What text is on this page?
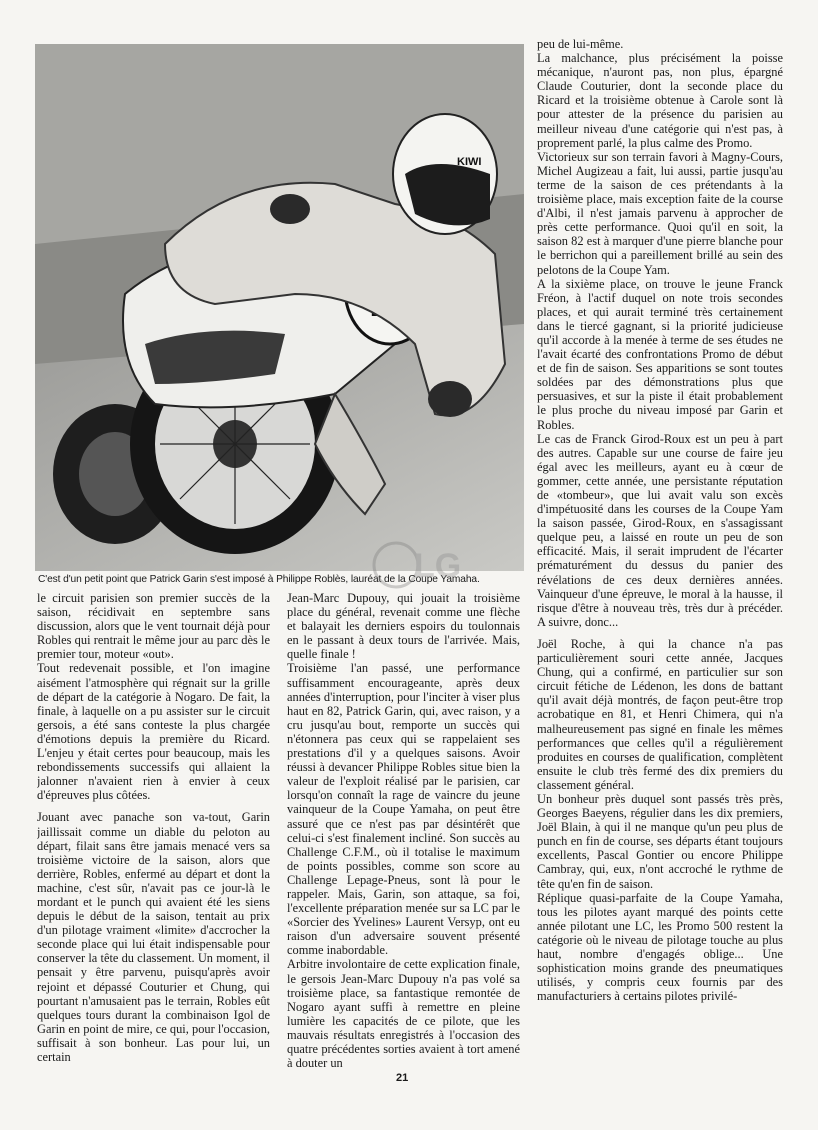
KIWI
C'est d'un petit point que Patrick Garin s'est imposé à Philippe Roblès, lauréat de la Coupe Yamaha.
LG

le circuit parisien son premier succès de la saison, récidivait en septembre sans discussion, alors que le vent tournait déjà pour Robles qui rentrait le même jour au parc dès le premier tour, moteur «out».

Tout redevenait possible, et l'on imagine aisément l'atmosphère qui régnait sur la grille de départ de la catégorie à Nogaro. De fait, la finale, à laquelle on a pu assister sur le circuit gersois, a été sans conteste la plus chargée d'émotions depuis la première du Ricard. L'enjeu y était certes pour beaucoup, mais les rebondissements successifs qui allaient la jalonner n'avaient rien à envier à ceux d'épreuves plus côtées.

Jouant avec panache son va-tout, Garin jaillissait comme un diable du peloton au départ, filait sans être jamais menacé vers sa troisième victoire de la saison, alors que derrière, Robles, enfermé au départ et dont la machine, c'est sûr, n'avait pas ce jour-là le mordant et le punch qui avaient été les siens depuis le début de la saison, tentait au prix d'un pilotage vraiment «limite» d'accrocher la seconde place qui lui était indispensable pour conserver la tête du classement. Un moment, il pensait y être parvenu, puisqu'après avoir rejoint et dépassé Couturier et Chung, qui pourtant n'amusaient pas le terrain, Robles eût quelques tours durant la combinaison Igol de Garin en point de mire, ce qui, pour l'occasion, suffisait à son bonheur. Las pour lui, un certain

Jean-Marc Dupouy, qui jouait la troisième place du général, revenait comme une flèche et balayait les derniers espoirs du toulonnais en le passant à deux tours de l'arrivée. Mais, quelle finale !

Troisième l'an passé, une performance suffisamment encourageante, après deux années d'interruption, pour l'inciter à viser plus haut en 82, Patrick Garin, qui, avec raison, y a cru jusqu'au bout, remporte un succès qui n'étonnera pas ceux qui se rappelaient ses prestations d'il y a quelques saisons. Avoir réussi à devancer Philippe Robles situe bien la valeur de l'exploit réalisé par le parisien, car lorsqu'on connaît la rage de vaincre du jeune vainqueur de la Coupe Yamaha, on peut être assuré que ce n'est pas par désintérêt que celui-ci s'est finalement incliné. Son succès au Challenge C.F.M., où il totalise le maximum de points possibles, comme son score au Challenge Lepage-Pneus, sont là pour le rappeler. Mais, Garin, son attaque, sa foi, l'excellente préparation menée sur sa LC par le «Sorcier des Yvelines» Laurent Versyp, ont eu raison d'un adversaire souvent présenté comme inabordable.

Arbitre involontaire de cette explication finale, le gersois Jean-Marc Dupouy n'a pas volé sa troisième place, sa fantastique remontée de Nogaro ayant suffi à remettre en pleine lumière les capacités de ce pilote, que les mauvais résultats enregistrés à l'occasion des quatre précédentes sorties avaient à tort amené à douter un

peu de lui-même.

La malchance, plus précisément la poisse mécanique, n'auront pas, non plus, épargné Claude Couturier, dont la seconde place du Ricard et la troisième obtenue à Carole sont là pour attester de la présence du parisien au meilleur niveau d'une catégorie qui n'est pas, à proprement parlé, la plus calme des Promo.

Victorieux sur son terrain favori à Magny-Cours, Michel Augizeau a fait, lui aussi, partie jusqu'au terme de la saison de ces prétendants à la troisième place, mais exception faite de la course d'Albi, il n'est jamais parvenu à approcher de près cette performance. Quoi qu'il en soit, la saison 82 est à marquer d'une pierre blanche pour le berrichon qui a pareillement brillé au sein des pelotons de la Coupe Yam.

A la sixième place, on trouve le jeune Franck Fréon, à l'actif duquel on note trois secondes places, et qui aurait terminé très certainement dans le tiercé gagnant, si la priorité judicieuse qu'il accorde à la menée à terme de ses études ne l'avait écarté des confrontations Promo de début et de fin de saison. Ses apparitions se sont toutes soldées par des démonstrations plus que persuasives, et sur la piste il était probablement le plus proche du niveau imposé par Garin et Robles.

Le cas de Franck Girod-Roux est un peu à part des autres. Capable sur une course de faire jeu égal avec les meilleurs, ayant eu à cœur de gommer, cette année, une persistante réputation de «tombeur», que lui avait valu son excès d'impétuosité dans les courses de la Coupe Yam la saison passée, Girod-Roux, en s'assagissant quelque peu, a laissé en route un peu de son efficacité. Mais, il serait imprudent de l'écarter prématurément du dessus du panier des révélations de ces deux dernières années. Vainqueur d'une épreuve, le moral à la hausse, il risque d'être à nouveau très, très dur à précéder. A suivre, donc...

Joël Roche, à qui la chance n'a pas particulièrement souri cette année, Jacques Chung, qui a confirmé, en particulier sur son circuit fétiche de Lédenon, les dons de battant qu'il avait déjà montrés, de façon peut-être trop acrobatique en 81, et Henri Chimera, qui n'a malheureusement pas signé en finale les mêmes performances que celles qu'il a régulièrement produites en courses de qualification, complètent ensuite le club très fermé des dix premiers du classement général.

Un bonheur près duquel sont passés très près, Georges Baeyens, régulier dans les dix premiers, Joël Blain, à qui il ne manque qu'un peu plus de punch en fin de course, ses départs étant toujours excellents, Pascal Gontier ou encore Philippe Cambray, qui, eux, n'ont accroché le rythme de tête qu'en fin de saison.

Réplique quasi-parfaite de la Coupe Yamaha, tous les pilotes ayant marqué des points cette année pilotant une LC, les Promo 500 restent la catégorie où le niveau de pilotage touche au plus haut, nombre d'engagés oblige... Une sophistication moins grande des pneumatiques utilisés, y compris ceux fournis par des manufacturiers à certains pilotes privilé-

21
